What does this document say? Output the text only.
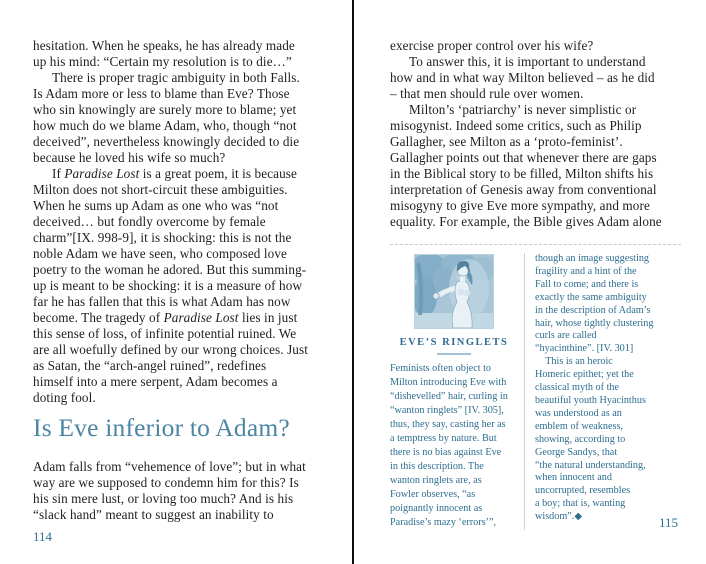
hesitation. When he speaks, he has already made
up his mind: “Certain my resolution is to die…”

There is proper tragic ambiguity in both Falls.
Is Adam more or less to blame than Eve? Those
who sin knowingly are surely more to blame; yet
how much do we blame Adam, who, though “not
deceived”, nevertheless knowingly decided to die
because he loved his wife so much?

If Paradise Lost is a great poem, it is because
Milton does not short-circuit these ambiguities.
When he sums up Adam as one who was “not
deceived… but fondly overcome by female
charm”[IX. 998-9], it is shocking: this is not the
noble Adam we have seen, who composed love
poetry to the woman he adored. But this summing-
up is meant to be shocking: it is a measure of how
far he has fallen that this is what Adam has now
become. The tragedy of Paradise Lost lies in just
this sense of loss, of infinite potential ruined. We
are all woefully defined by our wrong choices. Just
as Satan, the “arch-angel ruined”, redefines
himself into a mere serpent, Adam becomes a
doting fool.

Is Eve inferior to Adam?

Adam falls from “vehemence of love”; but in what
way are we supposed to condemn him for this? Is
his sin mere lust, or loving too much? And is his
“slack hand” meant to suggest an inability to

114

exercise proper control over his wife?

To answer this, it is important to understand
how and in what way Milton believed – as he did
– that men should rule over women.

Milton’s ‘patriarchy’ is never simplistic or
misogynist. Indeed some critics, such as Philip
Gallagher, see Milton as a ‘proto-feminist’.
Gallagher points out that whenever there are gaps
in the Biblical story to be filled, Milton shifts his
interpretation of Genesis away from conventional
misogyny to give Eve more sympathy, and more
equality. For example, the Bible gives Adam alone

EVE’S RINGLETS

Feminists often object to
Milton introducing Eve with
“dishevelled” hair, curling in
“wanton ringlets” [IV. 305],
thus, they say, casting her as
a temptress by nature. But
there is no bias against Eve
in this description. The
wanton ringlets are, as
Fowler observes, “as
poignantly innocent as
Paradise’s mazy ‘errors’”,

though an image suggesting
fragility and a hint of the
Fall to come; and there is
exactly the same ambiguity
in the description of Adam’s
hair, whose tightly clustering
curls are called
“hyacinthine”. [IV. 301]
This is an heroic
Homeric epithet; yet the
classical myth of the
beautiful youth Hyacinthus
was understood as an
emblem of weakness,
showing, according to
George Sandys, that
“the natural understanding,
when innocent and
uncorrupted, resembles
a boy; that is, wanting
wisdom”.◆	115
